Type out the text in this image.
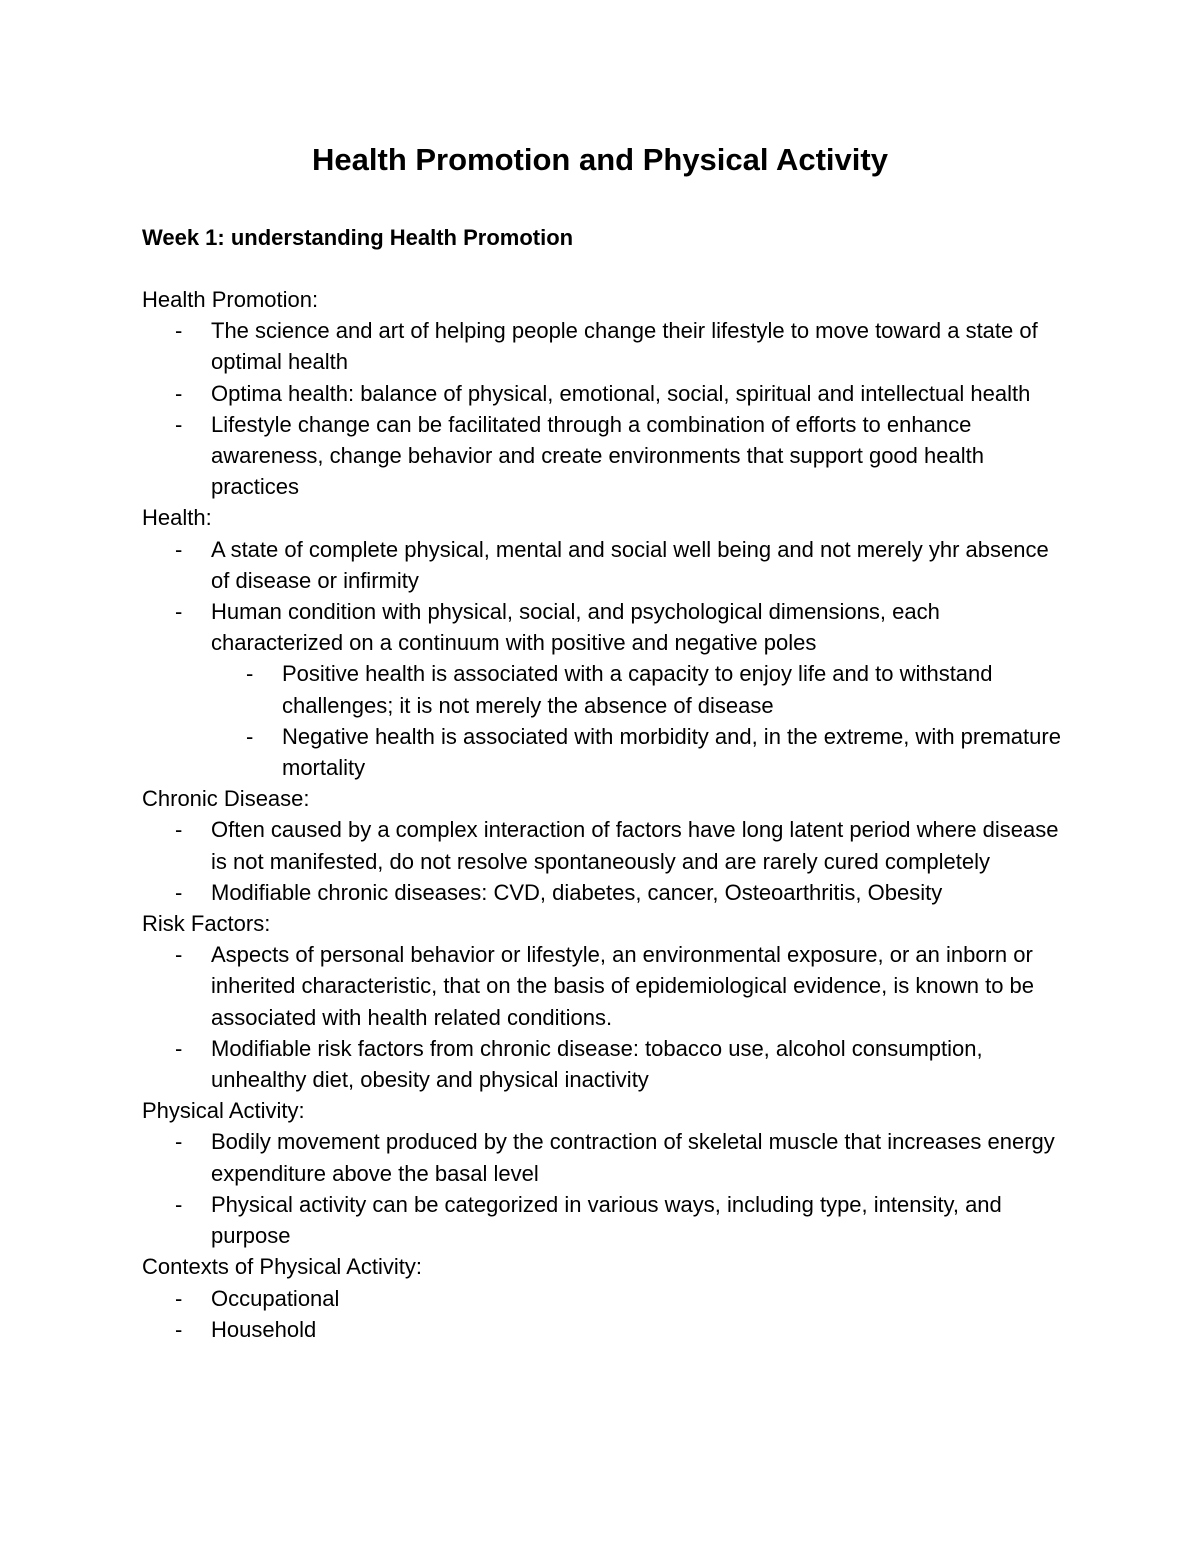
Health Promotion and Physical Activity
Week 1: understanding Health Promotion

Health Promotion:

- The science and art of helping people change their lifestyle to move toward a state of optimal health
- Optima health: balance of physical, emotional, social, spiritual and intellectual health
- Lifestyle change can be facilitated through a combination of efforts to enhance awareness, change behavior and create environments that support good health practices

Health:

- A state of complete physical, mental and social well being and not merely yhr absence of disease or infirmity
- Human condition with physical, social, and psychological dimensions, each characterized on a continuum with positive and negative poles
- Positive health is associated with a capacity to enjoy life and to withstand challenges; it is not merely the absence of disease
- Negative health is associated with morbidity and, in the extreme, with premature mortality

Chronic Disease:

- Often caused by a complex interaction of factors have long latent period where disease is not manifested, do not resolve spontaneously and are rarely cured completely
- Modifiable chronic diseases: CVD, diabetes, cancer, Osteoarthritis, Obesity

Risk Factors:

- Aspects of personal behavior or lifestyle, an environmental exposure, or an inborn or inherited characteristic, that on the basis of epidemiological evidence, is known to be associated with health related conditions.
- Modifiable risk factors from chronic disease: tobacco use, alcohol consumption, unhealthy diet, obesity and physical inactivity

Physical Activity:

- Bodily movement produced by the contraction of skeletal muscle that increases energy expenditure above the basal level
- Physical activity can be categorized in various ways, including type, intensity, and purpose

Contexts of Physical Activity:

- Occupational
- Household
